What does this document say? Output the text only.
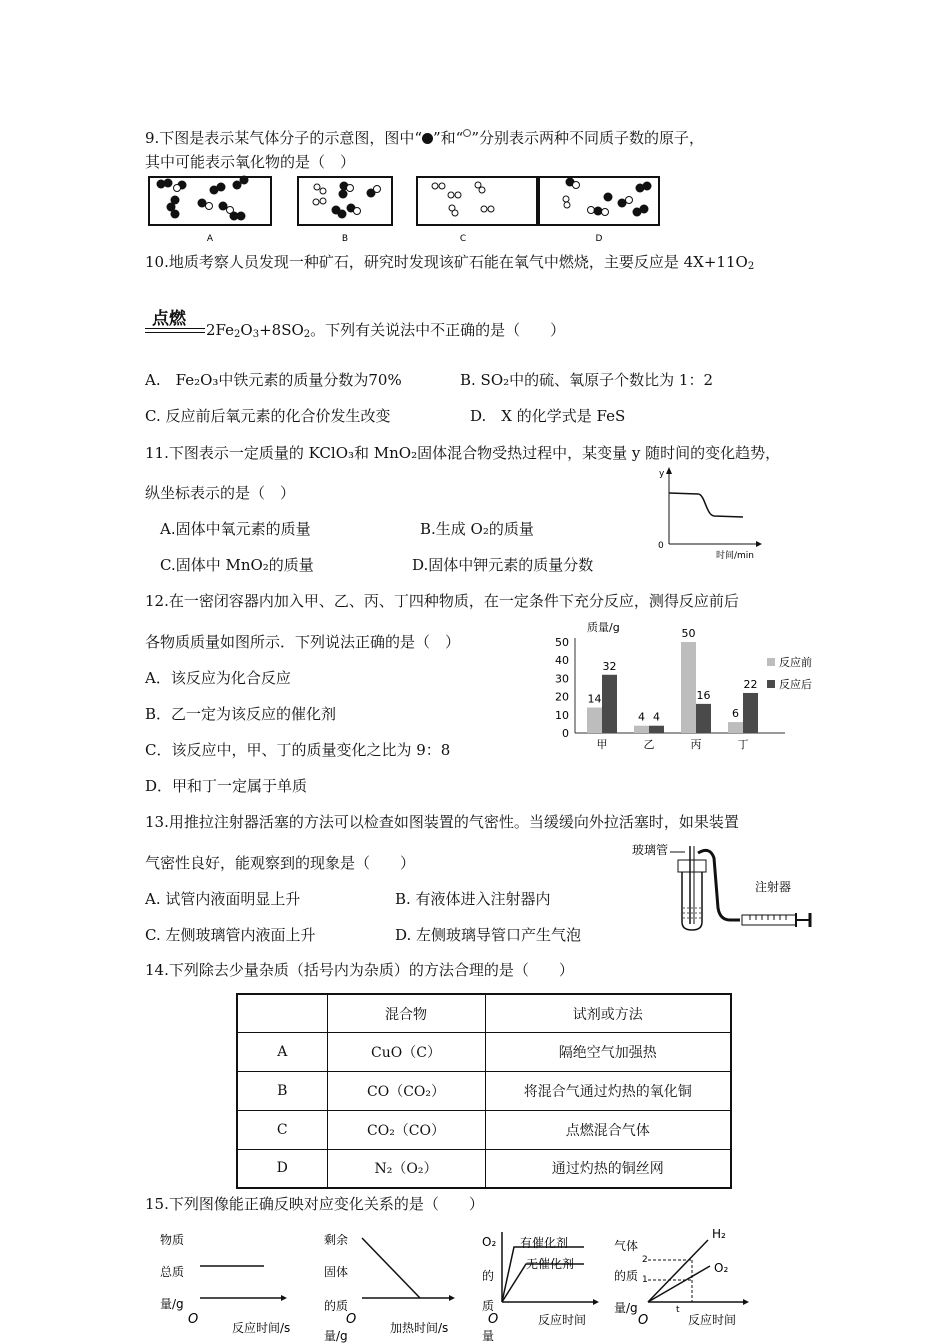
9.下图是表示某气体分子的示意图，图中“ ”和“ ”分别表示两种不同质子数的原子，
其中可能表示氧化物的是（　）
A	B	C	D
10.地质考察人员发现一种矿石，研究时发现该矿石能在氧气中燃烧，主要反应是 $4X+11O_2$
点燃
$2Fe_2O_3+8SO_2$。下列有关说法中不正确的是（　　）
A.　Fe₂O₃中铁元素的质量分数为70%	B. SO₂中的硫、氧原子个数比为 1：2
C. 反应前后氧元素的化合价发生改变	D.　X 的化学式是 FeS
11.下图表示一定质量的 KClO₃和 MnO₂固体混合物受热过程中，某变量 y 随时间的变化趋势，
纵坐标表示的是（　）
A.固体中氧元素的质量	B.生成 O₂的质量
C.固体中 MnO₂的质量	D.固体中钾元素的质量分数
y
0
时间/min
12.在一密闭容器内加入甲、乙、丙、丁四种物质，在一定条件下充分反应，测得反应前后
各物质质量如图所示．下列说法正确的是（　）
A．该反应为化合反应
B．乙一定为该反应的催化剂
C．该反应中，甲、丁的质量变化之比为 9：8
D．甲和丁一定属于单质
0
10
20
30
40
50
质量/g
14
32
甲
4 4
乙
50
16
丙
6
22
丁
反应前
反应后
13.用推拉注射器活塞的方法可以检查如图装置的气密性。当缓缓向外拉活塞时，如果装置
气密性良好，能观察到的现象是（　　）
A. 试管内液面明显上升	B. 有液体进入注射器内
C. 左侧玻璃管内液面上升	D. 左侧玻璃导管口产生气泡
玻璃管
注射器
14.下列除去少量杂质（括号内为杂质）的方法合理的是（　　）
	混合物	试剂或方法
A	CuO（C）	隔绝空气加强热
B	CO（CO₂）	将混合气通过灼热的氧化铜
C	CO₂（CO）	点燃混合气体
D	N₂（O₂）	通过灼热的铜丝网
15.下列图像能正确反映对应变化关系的是（　　）
物质
总质
量/g
O
反应时间/s
剩余
固体
的质
量/g
O
加热时间/s
O₂
的
质
量
有催化剂
无催化剂
O	反应时间
气体
的质
量/g
2
1
t
H₂
O₂
O	反应时间
